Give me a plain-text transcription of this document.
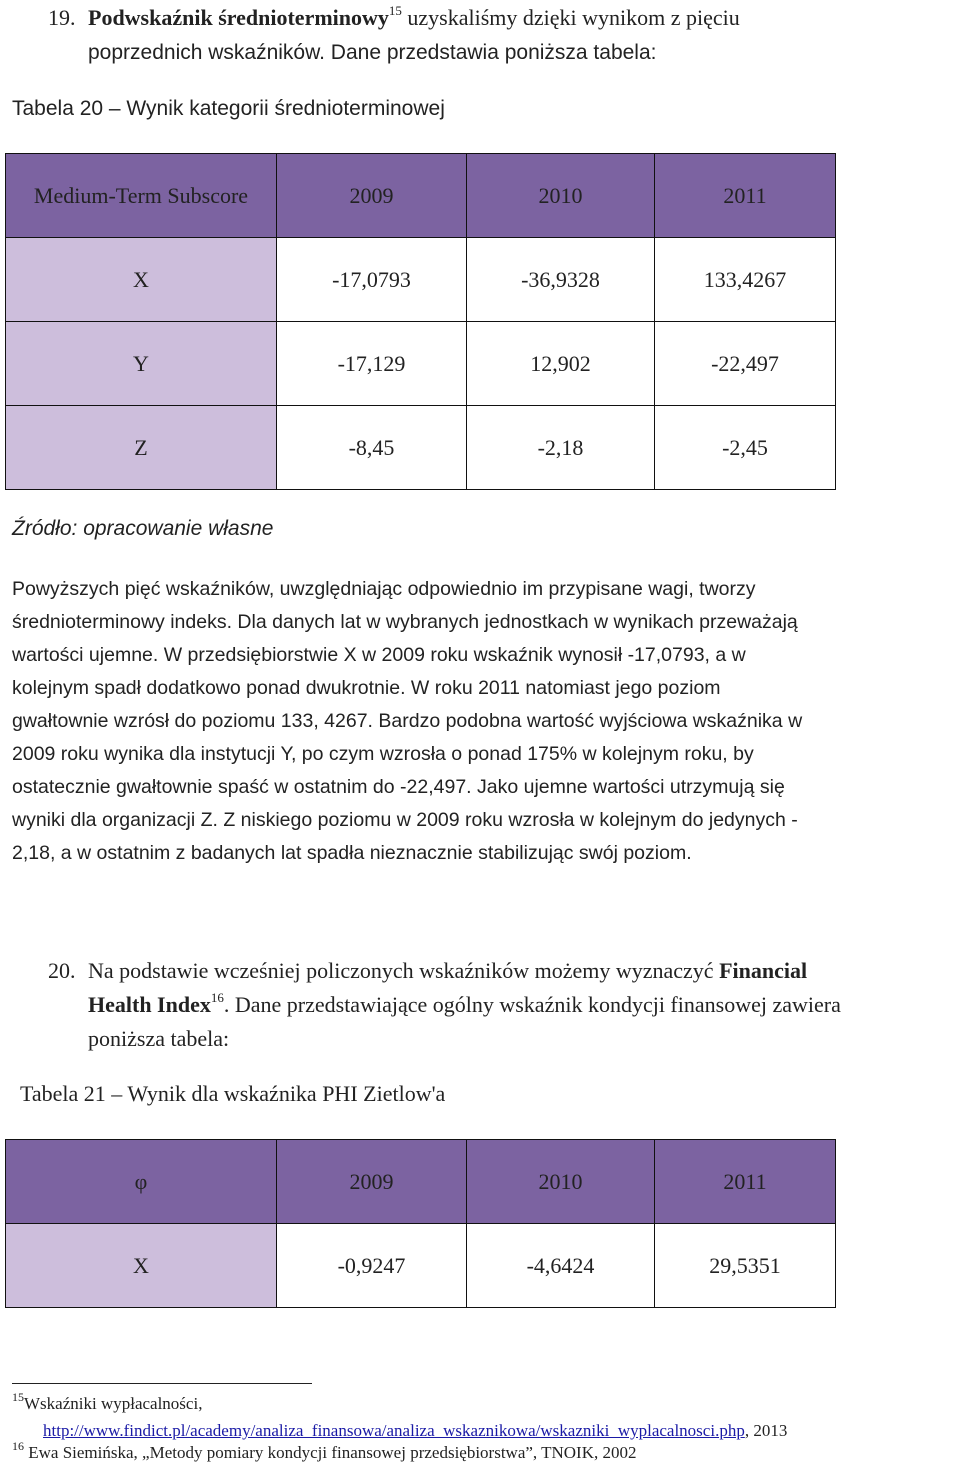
19. Podwskaźnik średnioterminowy$^{15}$ uzyskaliśmy dzięki wynikom z pięciu
poprzednich wskaźników. Dane przedstawia poniższa tabela:
Tabela 20 – Wynik kategorii średnioterminowej
Medium-Term Subscore	2009	2010	2011
X	-17,0793	-36,9328	133,4267
Y	-17,129	12,902	-22,497
Z	-8,45	-2,18	-2,45
Źródło: opracowanie własne
Powyższych pięć wskaźników, uwzględniając odpowiednio im przypisane wagi, tworzy
średnioterminowy indeks. Dla danych lat w wybranych jednostkach w wynikach przeważają
wartości ujemne. W przedsiębiorstwie X w 2009 roku wskaźnik wynosił -17,0793, a w
kolejnym spadł dodatkowo ponad dwukrotnie. W roku 2011 natomiast jego poziom
gwałtownie wzrósł do poziomu 133, 4267. Bardzo podobna wartość wyjściowa wskaźnika w
2009 roku wynika dla instytucji Y, po czym wzrosła o ponad 175% w kolejnym roku, by
ostatecznie gwałtownie spaść w ostatnim do -22,497. Jako ujemne wartości utrzymują się
wyniki dla organizacji Z. Z niskiego poziomu w 2009 roku wzrosła w kolejnym do jedynych -
2,18, a w ostatnim z badanych lat spadła nieznacznie stabilizując swój poziom.
20. Na podstawie wcześniej policzonych wskaźników możemy wyznaczyć Financial
Health Index$^{16}$. Dane przedstawiające ogólny wskaźnik kondycji finansowej zawiera
poniższa tabela:
Tabela 21 – Wynik dla wskaźnika PHI Zietlow'a
φ	2009	2010	2011
X	-0,9247	-4,6424	29,5351
$^{15}$Wskaźniki wypłacalności,
http://www.findict.pl/academy/analiza_finansowa/analiza_wskaznikowa/wskazniki_wyplacalnosci.php, 2013
$^{16}$ Ewa Siemińska, „Metody pomiary kondycji finansowej przedsiębiorstwa”, TNOIK, 2002
